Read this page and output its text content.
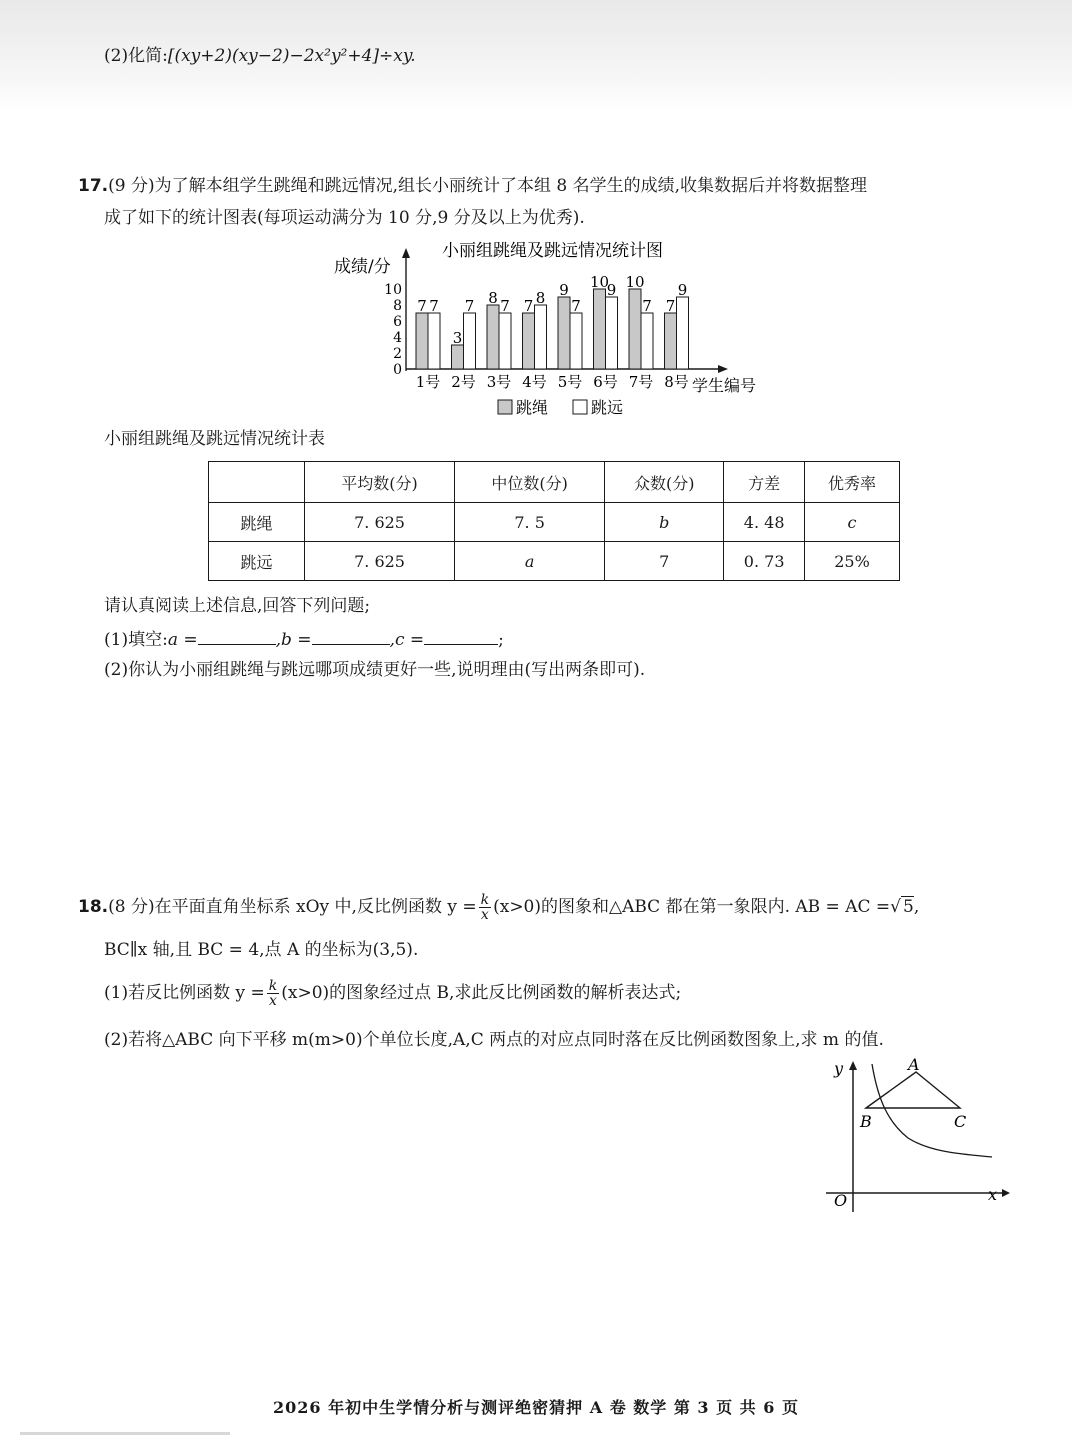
(2)化简:[(xy+2)(xy−2)−2x²y²+4]÷xy.
17.(9 分)为了解本组学生跳绳和跳远情况,组长小丽统计了本组 8 名学生的成绩,收集数据后并将数据整理
成了如下的统计图表(每项运动满分为 10 分,9 分及以上为优秀).
小丽组跳绳及跳远情况统计图
成绩/分
学生编号
0
2
4
6
8
10
7 7
1号
3
7
2号
8 7
3号
7 8
4号
9
7
5号
10
9
6号
10
7
7号
7
9
8号
跳绳	跳远
小丽组跳绳及跳远情况统计表
	平均数(分)	中位数(分)	众数(分)	方差	优秀率
跳绳	7. 625	7. 5	b	4. 48	c
跳远	7. 625	a	7	0. 73	25%
请认真阅读上述信息,回答下列问题;
(1)填空:a =	,b =	,c =	;
(2)你认为小丽组跳绳与跳远哪项成绩更好一些,说明理由(写出两条即可).
18.(8 分)在平面直角坐标系 xOy 中,反比例函数 $y = \frac{k}{x} (x>0)$的图象和△ABC 都在第一象限内. AB = AC =√ 5,
BC∥x 轴,且 BC = 4,点 A 的坐标为(3,5).
(1)若反比例函数 $y = \frac{k}{x} (x>0)$的图象经过点 B,求此反比例函数的解析表达式;
(2)若将△ABC 向下平移 m(m>0)个单位长度,A,C 两点的对应点同时落在反比例函数图象上,求 m 的值.
y
x
O
A
B	C
2026 年初中生学情分析与测评绝密猜押 A 卷 数学 第 3 页 共 6 页
